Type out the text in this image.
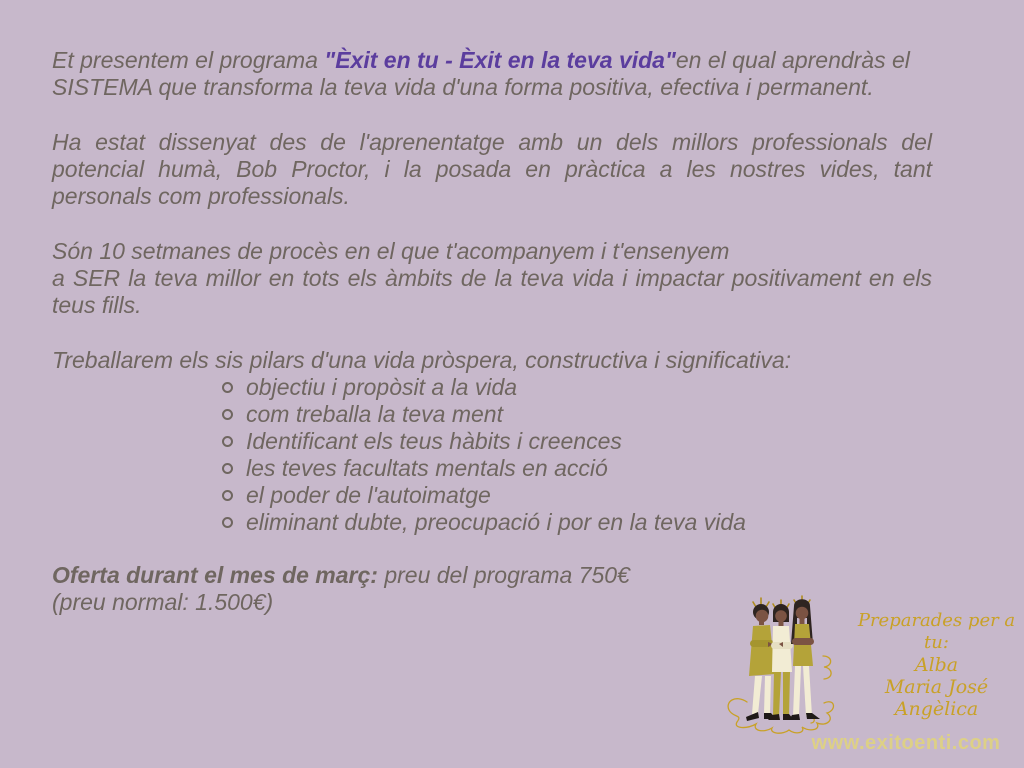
Et presentem el programa "Èxit en tu - Èxit en la teva vida"en el qual aprendràs el SISTEMA que transforma la teva vida d'una forma positiva, efectiva i permanent.

Ha estat dissenyat des de l'aprenentatge amb un dels millors professionals del potencial humà, Bob Proctor, i la posada en pràctica a les nostres vides, tant personals com professionals.

Són 10 setmanes de procès en el que t'acompanyem i t'ensenyem
a SER la teva millor en tots els àmbits de la teva vida i impactar positivament en els teus fills.

Treballarem els sis pilars d'una vida pròspera, constructiva i significativa:

objectiu i propòsit a la vida
com treballa la teva ment
Identificant els teus hàbits i creences
les teves facultats mentals en acció
el poder de l'autoimatge
eliminant dubte, preocupació i por en la teva vida

Oferta durant el mes de març: preu del programa 750€
(preu normal: 1.500€)

Preparades per a tu:
Alba
Maria José
Angèlica
www.exitoenti.com
